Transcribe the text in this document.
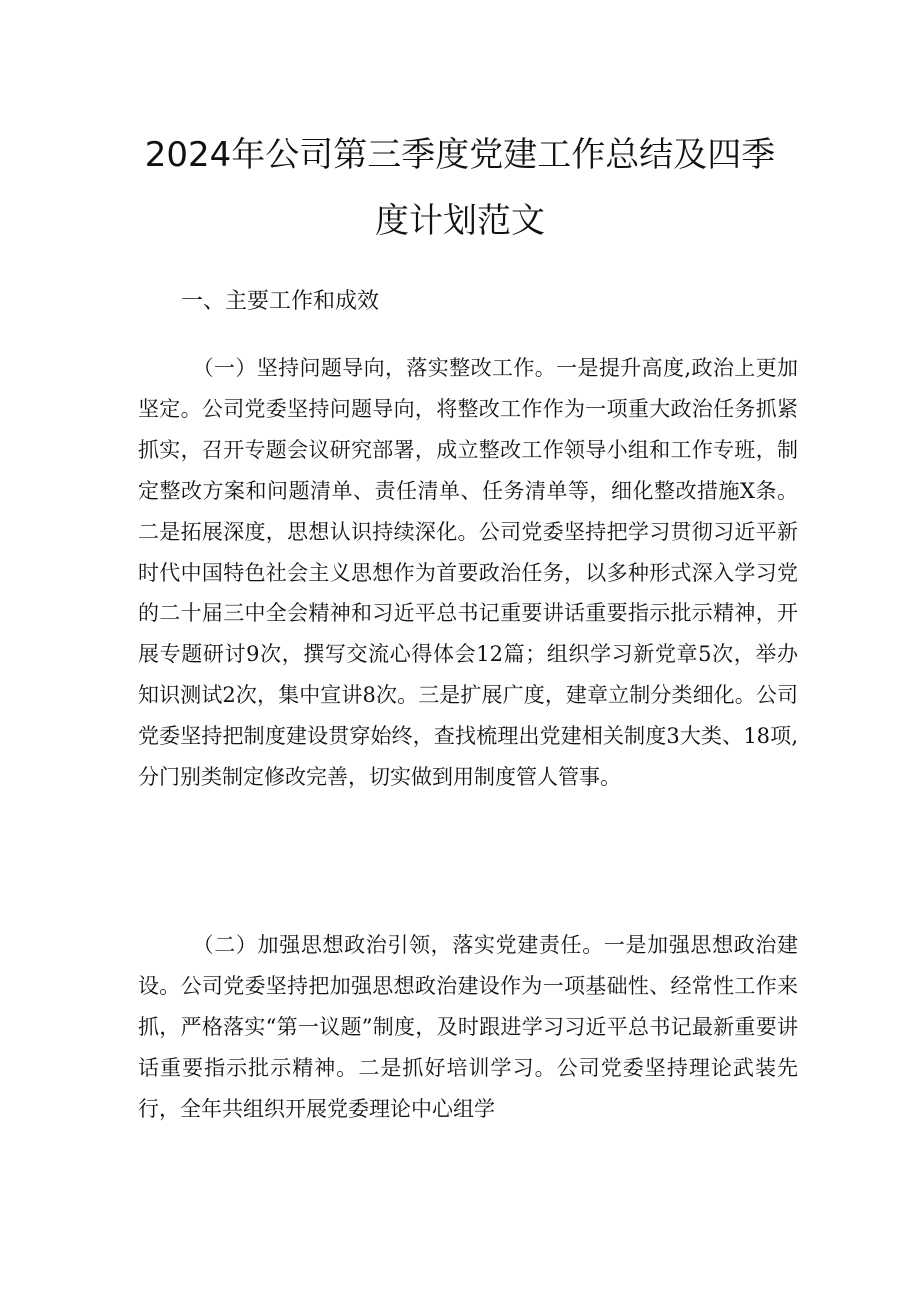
2024年公司第三季度党建工作总结及四季
度计划范文
一、主要工作和成效

（一）坚持问题导向，落实整改工作。一是提升高度,政治上更加坚定。公司党委坚持问题导向，将整改工作作为一项重大政治任务抓紧抓实，召开专题会议研究部署，成立整改工作领导小组和工作专班，制定整改方案和问题清单、责任清单、任务清单等，细化整改措施X条。二是拓展深度，思想认识持续深化。公司党委坚持把学习贯彻习近平新时代中国特色社会主义思想作为首要政治任务，以多种形式深入学习党的二十届三中全会精神和习近平总书记重要讲话重要指示批示精神，开展专题研讨9次，撰写交流心得体会12篇；组织学习新党章5次，举办知识测试2次，集中宣讲8次。三是扩展广度，建章立制分类细化。公司党委坚持把制度建设贯穿始终，查找梳理出党建相关制度3大类、18项,分门别类制定修改完善，切实做到用制度管人管事。

（二）加强思想政治引领，落实党建责任。一是加强思想政治建设。公司党委坚持把加强思想政治建设作为一项基础性、经常性工作来抓，严格落实“第一议题”制度，及时跟进学习习近平总书记最新重要讲话重要指示批示精神。二是抓好培训学习。公司党委坚持理论武装先行，全年共组织开展党委理论中心组学
